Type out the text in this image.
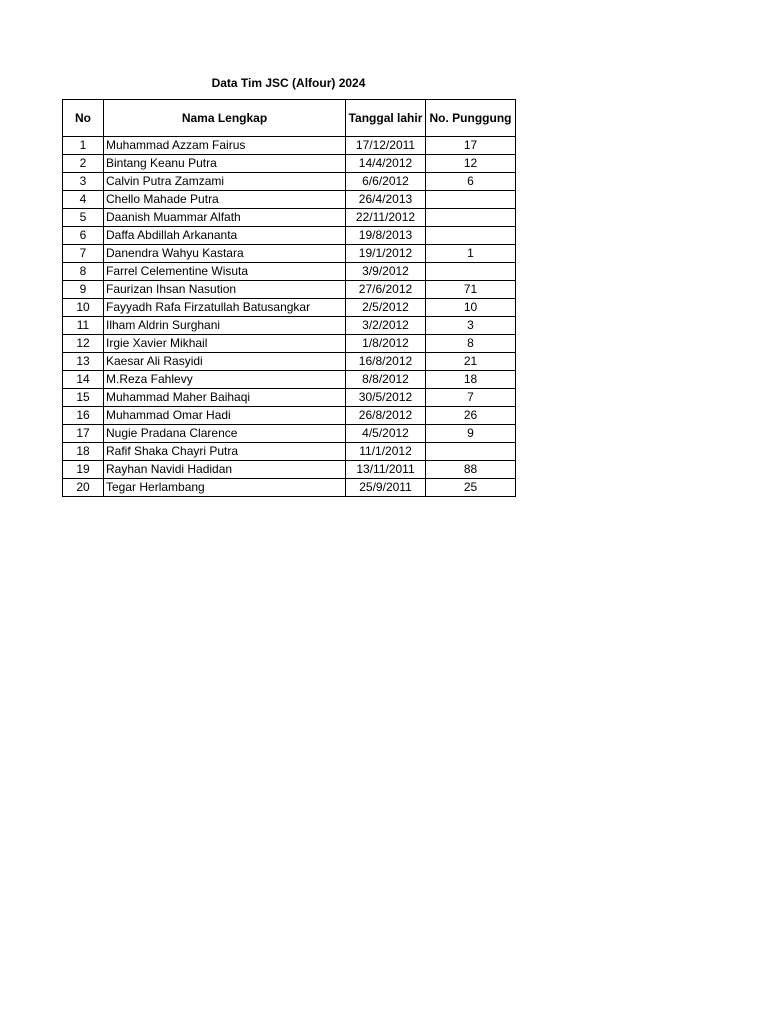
Data Tim JSC (Alfour) 2024
No	Nama Lengkap	Tanggal lahir	No. Punggung
1	Muhammad Azzam Fairus	17/12/2011	17
2	Bintang Keanu Putra	14/4/2012	12
3	Calvin Putra Zamzami	6/6/2012	6
4	Chello Mahade Putra	26/4/2013	
5	Daanish Muammar Alfath	22/11/2012	
6	Daffa Abdillah Arkananta	19/8/2013	
7	Danendra Wahyu Kastara	19/1/2012	1
8	Farrel Celementine Wisuta	3/9/2012	
9	Faurizan Ihsan Nasution	27/6/2012	71
10	Fayyadh Rafa Firzatullah Batusangkar	2/5/2012	10
11	Ilham Aldrin Surghani	3/2/2012	3
12	Irgie Xavier Mikhail	1/8/2012	8
13	Kaesar Ali Rasyidi	16/8/2012	21
14	M.Reza Fahlevy	8/8/2012	18
15	Muhammad Maher Baihaqi	30/5/2012	7
16	Muhammad Omar Hadi	26/8/2012	26
17	Nugie Pradana Clarence	4/5/2012	9
18	Rafif Shaka Chayri Putra	11/1/2012	
19	Rayhan Navidi Hadidan	13/11/2011	88
20	Tegar Herlambang	25/9/2011	25
